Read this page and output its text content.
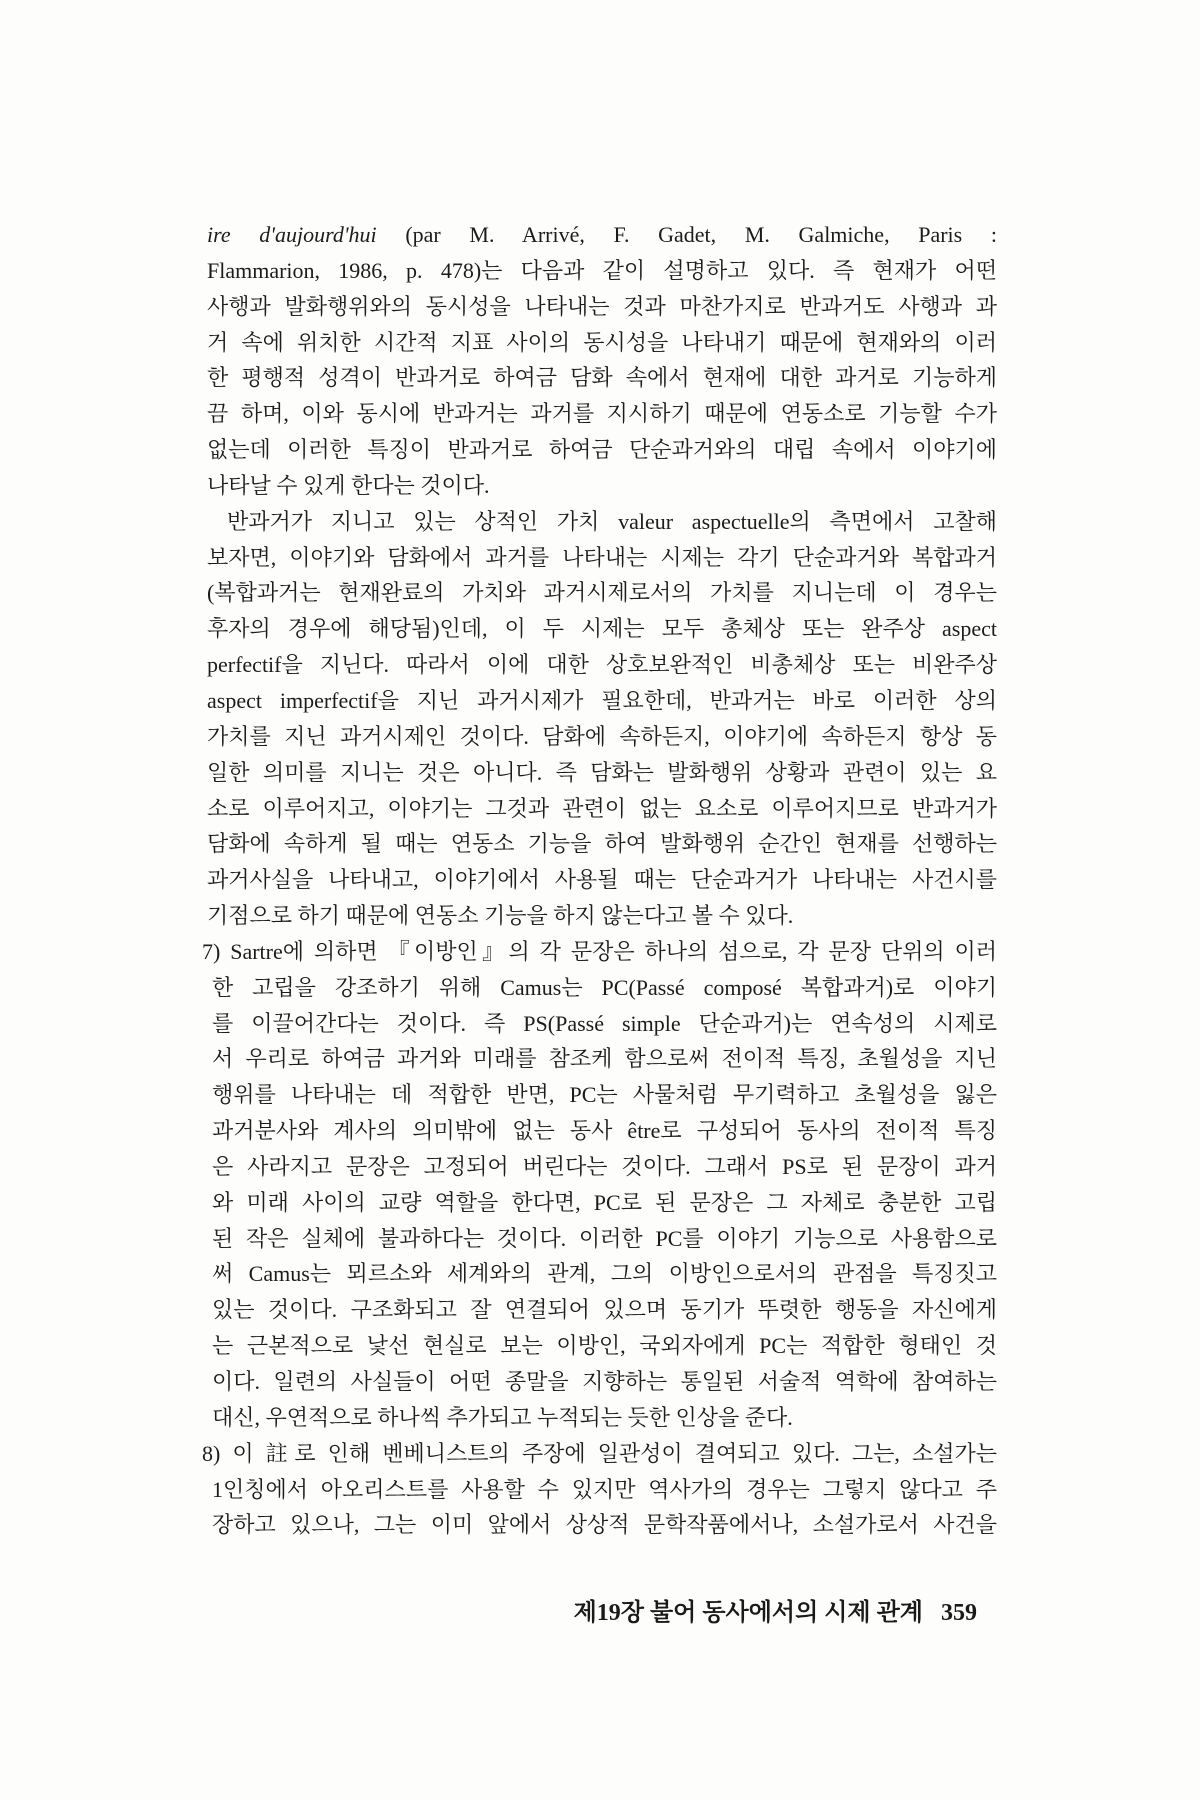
ire d'aujourd'hui (par M. Arrivé, F. Gadet, M. Galmiche, Paris :
Flammarion, 1986, p. 478)는 다음과 같이 설명하고 있다. 즉 현재가 어떤
사행과 발화행위와의 동시성을 나타내는 것과 마찬가지로 반과거도 사행과 과
거 속에 위치한 시간적 지표 사이의 동시성을 나타내기 때문에 현재와의 이러
한 평행적 성격이 반과거로 하여금 담화 속에서 현재에 대한 과거로 기능하게
끔 하며, 이와 동시에 반과거는 과거를 지시하기 때문에 연동소로 기능할 수가
없는데 이러한 특징이 반과거로 하여금 단순과거와의 대립 속에서 이야기에
나타날 수 있게 한다는 것이다.
반과거가 지니고 있는 상적인 가치 valeur aspectuelle의 측면에서 고찰해
보자면, 이야기와 담화에서 과거를 나타내는 시제는 각기 단순과거와 복합과거
(복합과거는 현재완료의 가치와 과거시제로서의 가치를 지니는데 이 경우는
후자의 경우에 해당됨)인데, 이 두 시제는 모두 총체상 또는 완주상 aspect
perfectif을 지닌다. 따라서 이에 대한 상호보완적인 비총체상 또는 비완주상
aspect imperfectif을 지닌 과거시제가 필요한데, 반과거는 바로 이러한 상의
가치를 지닌 과거시제인 것이다. 담화에 속하든지, 이야기에 속하든지 항상 동
일한 의미를 지니는 것은 아니다. 즉 담화는 발화행위 상황과 관련이 있는 요
소로 이루어지고, 이야기는 그것과 관련이 없는 요소로 이루어지므로 반과거가
담화에 속하게 될 때는 연동소 기능을 하여 발화행위 순간인 현재를 선행하는
과거사실을 나타내고, 이야기에서 사용될 때는 단순과거가 나타내는 사건시를
기점으로 하기 때문에 연동소 기능을 하지 않는다고 볼 수 있다.
7) Sartre에 의하면 『이방인』의 각 문장은 하나의 섬으로, 각 문장 단위의 이러
한 고립을 강조하기 위해 Camus는 PC(Passé composé 복합과거)로 이야기
를 이끌어간다는 것이다. 즉 PS(Passé simple 단순과거)는 연속성의 시제로
서 우리로 하여금 과거와 미래를 참조케 함으로써 전이적 특징, 초월성을 지닌
행위를 나타내는 데 적합한 반면, PC는 사물처럼 무기력하고 초월성을 잃은
과거분사와 계사의 의미밖에 없는 동사 être로 구성되어 동사의 전이적 특징
은 사라지고 문장은 고정되어 버린다는 것이다. 그래서 PS로 된 문장이 과거
와 미래 사이의 교량 역할을 한다면, PC로 된 문장은 그 자체로 충분한 고립
된 작은 실체에 불과하다는 것이다. 이러한 PC를 이야기 기능으로 사용함으로
써 Camus는 뫼르소와 세계와의 관계, 그의 이방인으로서의 관점을 특징짓고
있는 것이다. 구조화되고 잘 연결되어 있으며 동기가 뚜렷한 행동을 자신에게
는 근본적으로 낯선 현실로 보는 이방인, 국외자에게 PC는 적합한 형태인 것
이다. 일련의 사실들이 어떤 종말을 지향하는 통일된 서술적 역학에 참여하는
대신, 우연적으로 하나씩 추가되고 누적되는 듯한 인상을 준다.
8) 이 註로 인해 벤베니스트의 주장에 일관성이 결여되고 있다. 그는, 소설가는
1인칭에서 아오리스트를 사용할 수 있지만 역사가의 경우는 그렇지 않다고 주
장하고 있으나, 그는 이미 앞에서 상상적 문학작품에서나, 소설가로서 사건을
제19장 불어 동사에서의 시제 관계 359
